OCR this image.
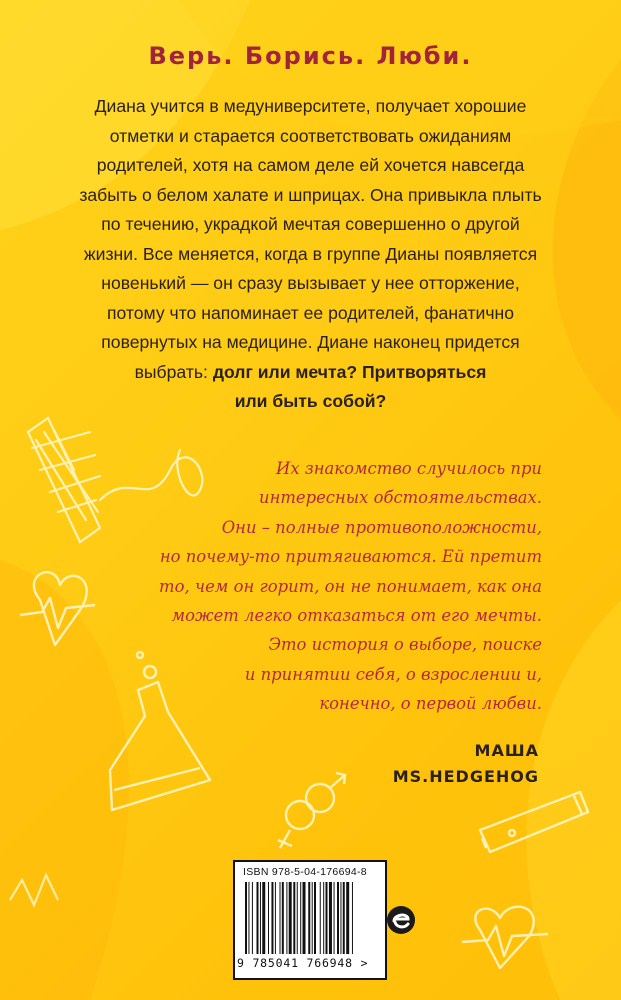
Верь. Борись. Люби.

Диана учится в медуниверситете, получает хорошие
отметки и старается соответствовать ожиданиям
родителей, хотя на самом деле ей хочется навсегда
забыть о белом халате и шприцах. Она привыкла плыть
по течению, украдкой мечтая совершенно о другой
жизни. Все меняется, когда в группе Дианы появляется
новенький — он сразу вызывает у нее отторжение,
потому что напоминает ее родителей, фанатично
повернутых на медицине. Диане наконец придется
выбрать: долг или мечта? Притворяться
или быть собой?

Их знакомство случилось при
интересных обстоятельствах.
Они – полные противоположности,
но почему-то притягиваются. Ей претит
то, чем он горит, он не понимает, как она
может легко отказаться от его мечты.
Это история о выборе, поиске
и принятии себя, о взрослении и,
конечно, о первой любви.

МАША
MS.HEDGEHOG
ISBN 978-5-04-176694-8
9 785041 766948 >
